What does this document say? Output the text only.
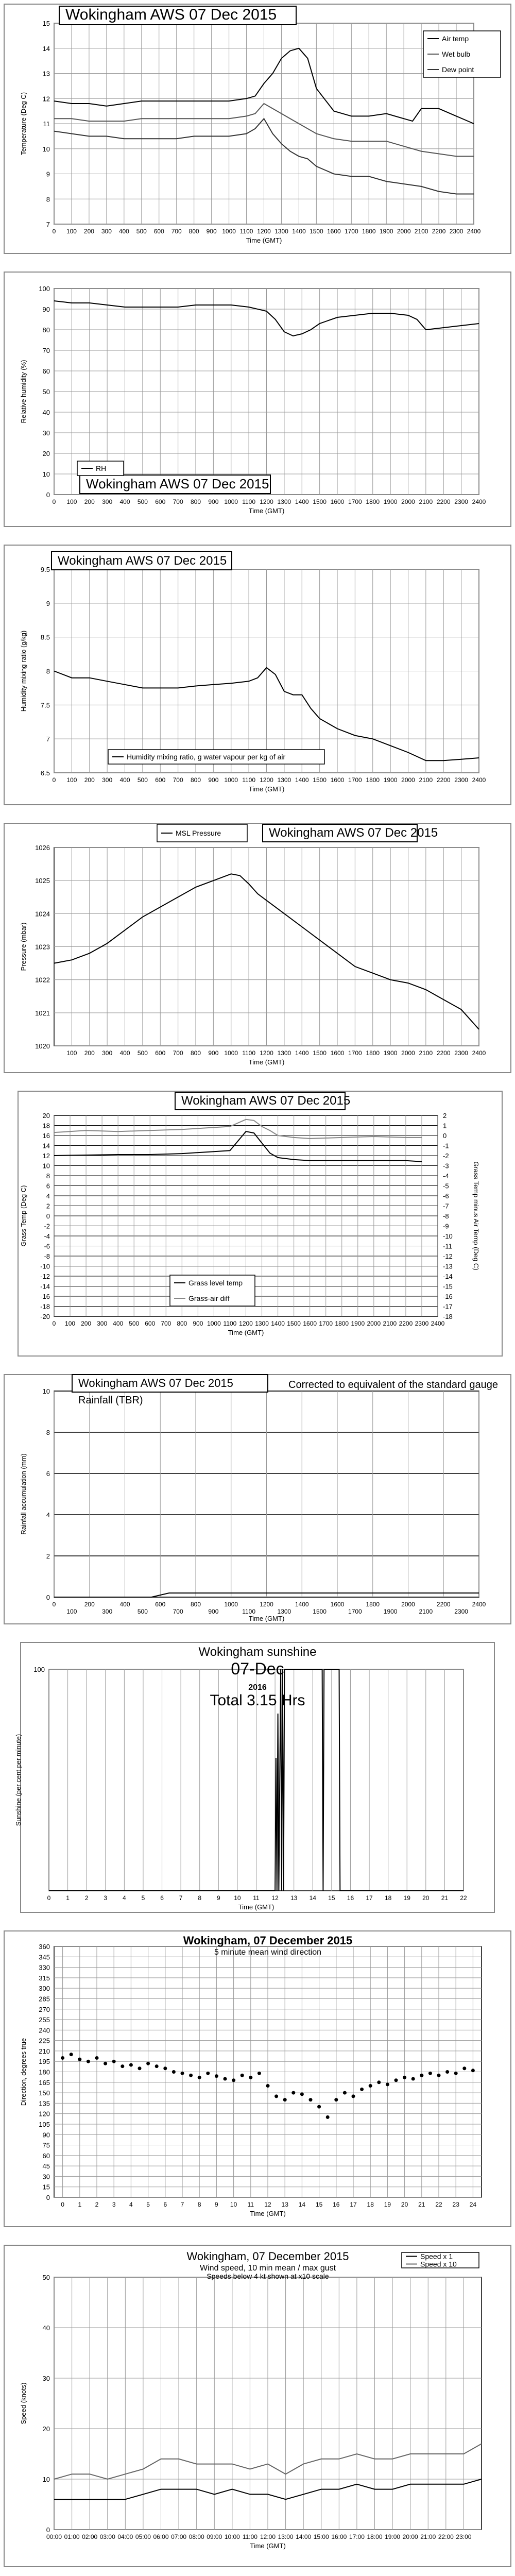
7
8
9
10
11
12
13
14
15
0 100 200 300 400 500 600 700 800 900 1000 1100 1200 1300 1400 1500 1600 1700 1800 1900 2000 2100 2200 2300 2400
Time (GMT)
Temperature (Deg C)
Wokingham AWS 07 Dec 2015
Air temp
Wet bulb
Dew point
0
10
20
30
40
50
60
70
80
90
100
0 100 200 300 400 500 600 700 800 900 1000 1100 1200 1300 1400 1500 1600 1700 1800 1900 2000 2100 2200 2300 2400
Time (GMT)
Relative humidity (%)
Wokingham AWS 07 Dec 2015
RH
6.5
7
7.5
8
8.5
9
9.5
0 100 200 300 400 500 600 700 800 900 1000 1100 1200 1300 1400 1500 1600 1700 1800 1900 2000 2100 2200 2300 2400
Time (GMT)
Humidity mixing ratio (g/kg)
Wokingham AWS 07 Dec 2015
Humidity mixing ratio, g water vapour per kg of air
1020
1021
1022
1023
1024
1025
1026
100 200 300 400 500 600 700 800 900 1000 1100 1200 1300 1400 1500 1600 1700 1800 1900 2000 2100 2200 2300 2400
Time (GMT)
Pressure (mbar)
Wokingham AWS 07 Dec 2015
MSL Pressure
-20
-18
-16
-14
-12
-10
-8
-6
-4
-2
0
2
4
6
8
10
12
14
16
18
20
-18
-17
-16
-15
-14
-13
-12
-11
-10
-9
-8
-7
-6
-5
-4
-3
-2
-1
0
1
2
0 100 200 300 400 500 600 700 800 900 1000 1100 1200 1300 1400 1500 1600 1700 1800 1900 2000 2100 2200 2300 2400
Time (GMT)
Grass Temp (Deg C)	Grass Temp minus Air Temp (Deg C)
Wokingham AWS 07 Dec 2015
Grass level temp
Grass-air diff
0
2
4
6
8
10
0	200	400	600	800	1000	1200	1400	1600	1800	2000	2200	2400
100	300	500	700	900	1100	1300	1500	1700	1900	2100	2300
Time (GMT)
Rainfall accumulation (mm)
Wokingham AWS 07 Dec 2015
Rainfall (TBR)
Corrected to equivalent of the standard gauge
100
0 1 2 3 4 5 6 7 8 9 10 11 12 13 14 15 16 17 18 19 20 21 22
Time (GMT)
Sunshine (per cent per minute)
Wokingham sunshine
07-Dec
2016
Total 3.15 Hrs
0
15
30
45
60
75
90
105
120
135
150
165
180
195
210
225
240
255
270
285
300
315
330
345
360
0 1 2 3 4 5 6 7 8 9 10 11 12 13 14 15 16 17 18 19 20 21 22 23 24
Time (GMT)
Direction, degrees true
Wokingham, 07 December 2015
5 minute mean wind direction
0
10
20
30
40
50
00:00 01:00 02:00 03:00 04:00 05:00 06:00 07:00 08:00 09:00 10:00 11:00 12:00 13:00 14:00 15:00 16:00 17:00 18:00 19:00 20:00 21:00 22:00 23:00
Time (GMT)
Speed (knots)
Wokingham, 07 December 2015
Wind speed, 10 min mean / max gust
Speeds below 4 kt shown at x10 scale
Speed x 1
Speed x 10
